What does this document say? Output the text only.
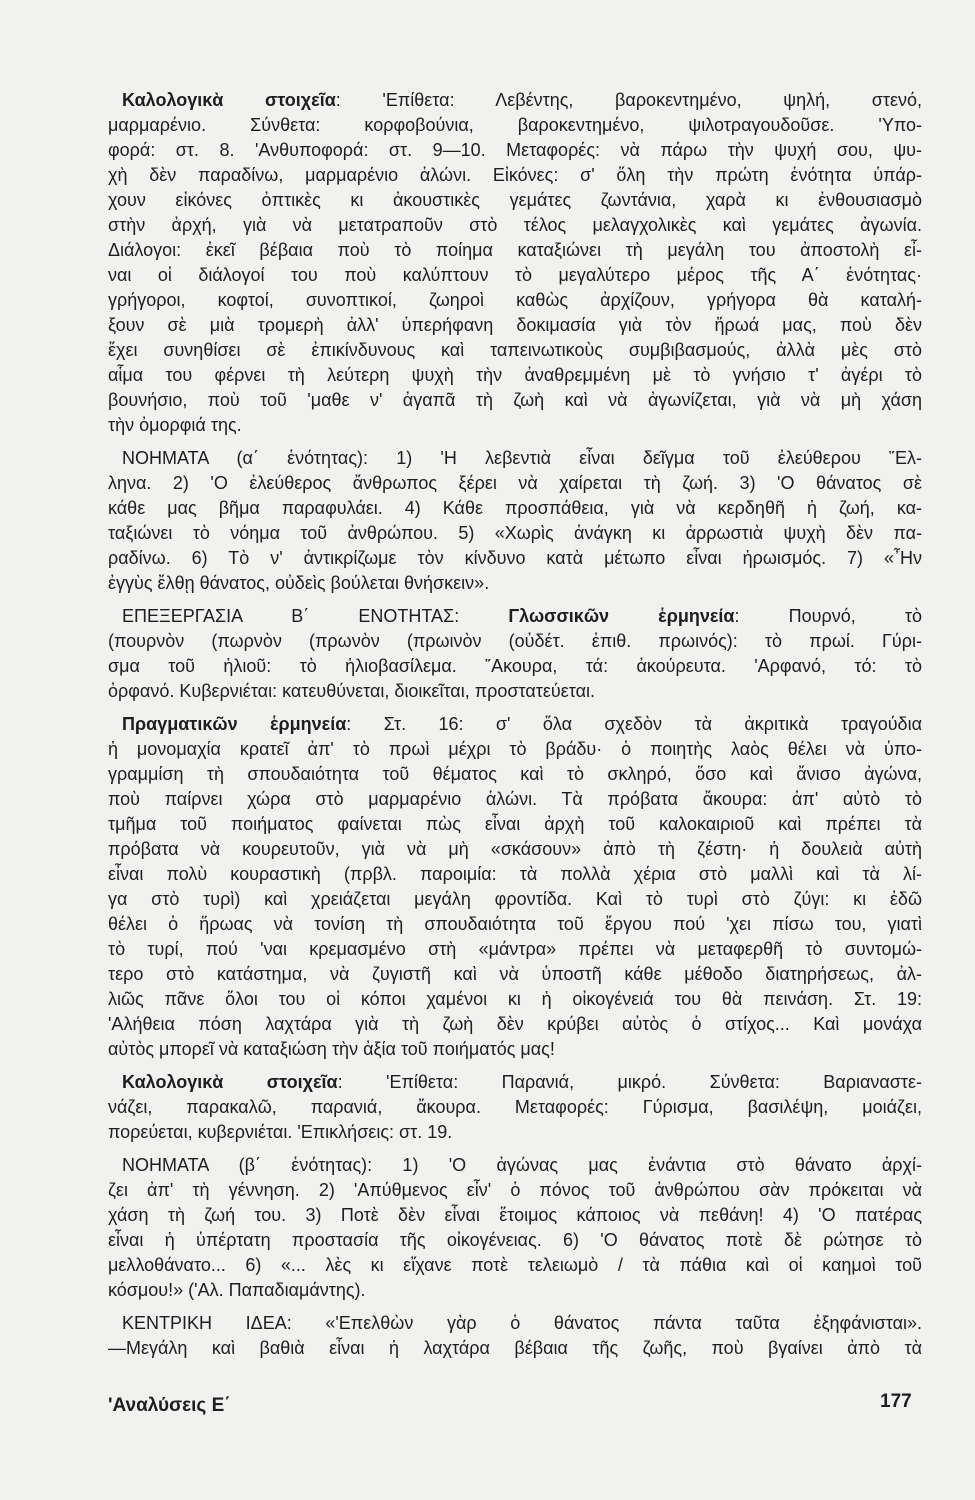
Καλολογικὰ στοιχεῖα: 'Επίθετα: Λεβέντης, βαροκεντημένο, ψηλή, στενό,
μαρμαρένιο. Σύνθετα: κορφοβούνια, βαροκεντημένο, ψιλοτραγουδοῦσε. 'Υπο-
φορά: στ. 8. 'Ανθυποφορά: στ. 9—10. Μεταφορές: νὰ πάρω τὴν ψυχή σου, ψυ-
χὴ δὲν παραδίνω, μαρμαρένιο ἁλώνι. Εἰκόνες: σ' ὅλη τὴν πρώτη ἑνότητα ὑπάρ-
χουν εἰκόνες ὀπτικὲς κι ἀκουστικὲς γεμάτες ζωντάνια, χαρὰ κι ἐνθουσιασμὸ
στὴν ἀρχή, γιὰ νὰ μετατραποῦν στὸ τέλος μελαγχολικὲς καὶ γεμάτες ἀγωνία.
Διάλογοι: ἐκεῖ βέβαια ποὺ τὸ ποίημα καταξιώνει τὴ μεγάλη του ἀποστολὴ εἶ-
ναι οἱ διάλογοί του ποὺ καλύπτουν τὸ μεγαλύτερο μέρος τῆς Α΄ ἑνότητας·
γρήγοροι, κοφτοί, συνοπτικοί, ζωηροὶ καθὼς ἀρχίζουν, γρήγορα θὰ καταλή-
ξουν σὲ μιὰ τρομερὴ ἀλλ' ὑπερήφανη δοκιμασία γιὰ τὸν ἥρωά μας, ποὺ δὲν
ἔχει συνηθίσει σὲ ἐπικίνδυνους καὶ ταπεινωτικοὺς συμβιβασμούς, ἀλλὰ μὲς στὸ
αἷμα του φέρνει τὴ λεύτερη ψυχὴ τὴν ἀναθρεμμένη μὲ τὸ γνήσιο τ' ἀγέρι τὸ
βουνήσιο, ποὺ τοῦ 'μαθε ν' ἀγαπᾶ τὴ ζωὴ καὶ νὰ ἀγωνίζεται, γιὰ νὰ μὴ χάση
τὴν ὀμορφιά της.
ΝΟΗΜΑΤΑ (α΄ ἑνότητας): 1) 'Η λεβεντιὰ εἶναι δεῖγμα τοῦ ἐλεύθερου ῞Ελ-
ληνα. 2) 'Ο ἐλεύθερος ἄνθρωπος ξέρει νὰ χαίρεται τὴ ζωή. 3) 'Ο θάνατος σὲ
κάθε μας βῆμα παραφυλάει. 4) Κάθε προσπάθεια, γιὰ νὰ κερδηθῆ ἡ ζωή, κα-
ταξιώνει τὸ νόημα τοῦ ἀνθρώπου. 5) «Χωρὶς ἀνάγκη κι ἀρρωστιὰ ψυχὴ δὲν πα-
ραδίνω. 6) Τὸ ν' ἀντικρίζωμε τὸν κίνδυνο κατὰ μέτωπο εἶναι ἡρωισμός. 7) «῏Ην
ἐγγὺς ἔλθῃ θάνατος, οὐδεὶς βούλεται θνήσκειν».
ΕΠΕΞΕΡΓΑΣΙΑ Β΄ ΕΝΟΤΗΤΑΣ: Γλωσσικῶν ἑρμηνεία: Πουρνό, τὸ
(πουρνὸν (πωρνὸν (πρωνὸν (πρωινὸν (οὐδέτ. ἐπιθ. πρωινός): τὸ πρωί. Γύρι-
σμα τοῦ ἡλιοῦ: τὸ ἡλιοβασίλεμα. ῎Ακουρα, τά: ἀκούρευτα. 'Αρφανό, τό: τὸ
ὀρφανό. Κυβερνιέται: κατευθύνεται, διοικεῖται, προστατεύεται.
Πραγματικῶν ἑρμηνεία: Στ. 16: σ' ὅλα σχεδὸν τὰ ἀκριτικὰ τραγούδια
ἡ μονομαχία κρατεῖ ἀπ' τὸ πρωὶ μέχρι τὸ βράδυ· ὁ ποιητὴς λαὸς θέλει νὰ ὑπο-
γραμμίση τὴ σπουδαιότητα τοῦ θέματος καὶ τὸ σκληρό, ὅσο καὶ ἄνισο ἀγώνα,
ποὺ παίρνει χώρα στὸ μαρμαρένιο ἁλώνι. Τὰ πρόβατα ἄκουρα: ἀπ' αὐτὸ τὸ
τμῆμα τοῦ ποιήματος φαίνεται πὼς εἶναι ἀρχὴ τοῦ καλοκαιριοῦ καὶ πρέπει τὰ
πρόβατα νὰ κουρευτοῦν, γιὰ νὰ μὴ «σκάσουν» ἀπὸ τὴ ζέστη· ἡ δουλειὰ αὐτὴ
εἶναι πολὺ κουραστικὴ (πρβλ. παροιμία: τὰ πολλὰ χέρια στὸ μαλλὶ καὶ τὰ λί-
γα στὸ τυρὶ) καὶ χρειάζεται μεγάλη φροντίδα. Καὶ τὸ τυρὶ στὸ ζύγι: κι ἐδῶ
θέλει ὁ ἥρωας νὰ τονίση τὴ σπουδαιότητα τοῦ ἔργου πού 'χει πίσω του, γιατὶ
τὸ τυρί, πού 'ναι κρεμασμένο στὴ «μάντρα» πρέπει νὰ μεταφερθῆ τὸ συντομώ-
τερο στὸ κατάστημα, νὰ ζυγιστῆ καὶ νὰ ὑποστῆ κάθε μέθοδο διατηρήσεως, ἀλ-
λιῶς πᾶνε ὅλοι του οἱ κόποι χαμένοι κι ἡ οἰκογένειά του θὰ πεινάση. Στ. 19:
'Αλήθεια πόση λαχτάρα γιὰ τὴ ζωὴ δὲν κρύβει αὐτὸς ὁ στίχος... Καὶ μονάχα
αὐτὸς μπορεῖ νὰ καταξιώση τὴν ἀξία τοῦ ποιήματός μας!
Καλολογικὰ στοιχεῖα: 'Επίθετα: Παρανιά, μικρό. Σύνθετα: Βαριαναστε-
νάζει, παρακαλῶ, παρανιά, ἄκουρα. Μεταφορές: Γύρισμα, βασιλέψη, μοιάζει,
πορεύεται, κυβερνιέται. 'Επικλήσεις: στ. 19.
ΝΟΗΜΑΤΑ (β΄ ἑνότητας): 1) 'Ο ἀγώνας μας ἐνάντια στὸ θάνατο ἀρχί-
ζει ἀπ' τὴ γέννηση. 2) 'Απύθμενος εἶν' ὁ πόνος τοῦ ἀνθρώπου σὰν πρόκειται νὰ
χάση τὴ ζωή του. 3) Ποτὲ δὲν εἶναι ἕτοιμος κάποιος νὰ πεθάνη! 4) 'Ο πατέρας
εἶναι ἡ ὑπέρτατη προστασία τῆς οἰκογένειας. 6) 'Ο θάνατος ποτὲ δὲ ρώτησε τὸ
μελλοθάνατο... 6) «... λὲς κι εἴχανε ποτὲ τελειωμὸ / τὰ πάθια καὶ οἱ καημοὶ τοῦ
κόσμου!» ('Αλ. Παπαδιαμάντης).
ΚΕΝΤΡΙΚΗ ΙΔΕΑ: «'Επελθὼν γὰρ ὁ θάνατος πάντα ταῦτα ἐξηφάνισται».
—Μεγάλη καὶ βαθιὰ εἶναι ἡ λαχτάρα βέβαια τῆς ζωῆς, ποὺ βγαίνει ἀπὸ τὰ
'Αναλύσεις Ε΄	177
